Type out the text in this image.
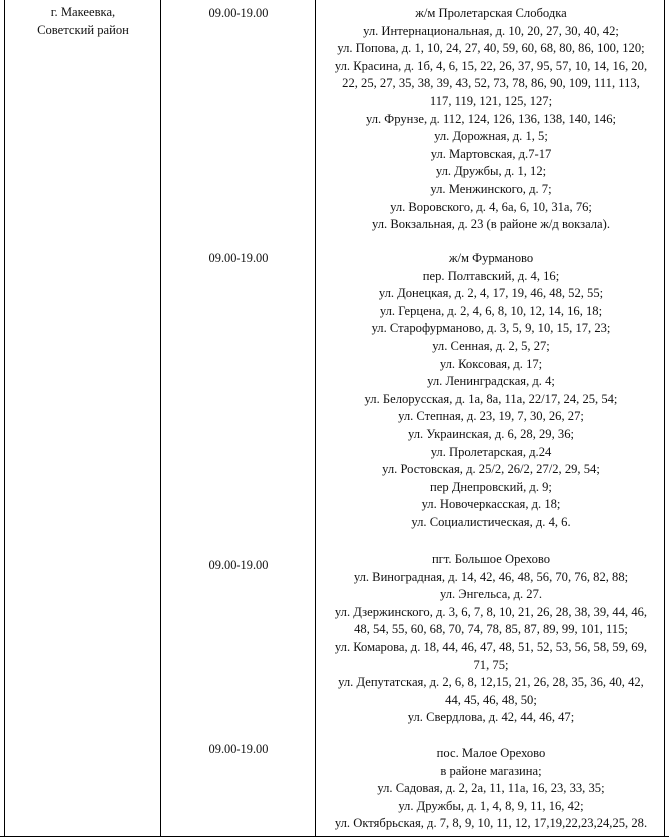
г. Макеевка,

Советский район

09.00-19.00	ж/м Пролетарская Слободка

ул. Интернациональная, д. 10, 20, 27, 30, 40, 42;

ул. Попова, д. 1, 10, 24, 27, 40, 59, 60, 68, 80, 86, 100, 120;

ул. Красина, д. 1б, 4, 6, 15, 22, 26, 37, 95, 57, 10, 14, 16, 20,

22, 25, 27, 35, 38, 39, 43, 52, 73, 78, 86, 90, 109, 111, 113,

117, 119, 121, 125, 127;

ул. Фрунзе, д. 112, 124, 126, 136, 138, 140, 146;

ул. Дорожная, д. 1, 5;

ул. Мартовская, д.7-17

ул. Дружбы, д. 1, 12;

ул. Менжинского, д. 7;

ул. Воровского, д. 4, 6а, 6, 10, 31а, 76;

ул. Вокзальная, д. 23 (в районе ж/д вокзала).

09.00-19.00	ж/м Фурманово

пер. Полтавский, д. 4, 16;

ул. Донецкая, д. 2, 4, 17, 19, 46, 48, 52, 55;

ул. Герцена, д. 2, 4, 6, 8, 10, 12, 14, 16, 18;

ул. Старофурманово, д. 3, 5, 9, 10, 15, 17, 23;

ул. Сенная, д. 2, 5, 27;

ул. Коксовая, д. 17;

ул. Ленинградская, д. 4;

ул. Белорусская, д. 1а, 8а, 11а, 22/17, 24, 25, 54;

ул. Степная, д. 23, 19, 7, 30, 26, 27;

ул. Украинская, д. 6, 28, 29, 36;

ул. Пролетарская, д.24

ул. Ростовская, д. 25/2, 26/2, 27/2, 29, 54;

пер Днепровский, д. 9;

ул. Новочеркасская, д. 18;

ул. Социалистическая, д. 4, 6.

09.00-19.00	пгт. Большое Орехово

ул. Виноградная, д. 14, 42, 46, 48, 56, 70, 76, 82, 88;

ул. Энгельса, д. 27.

ул. Дзержинского, д. 3, 6, 7, 8, 10, 21, 26, 28, 38, 39, 44, 46,

48, 54, 55, 60, 68, 70, 74, 78, 85, 87, 89, 99, 101, 115;

ул. Комарова, д. 18, 44, 46, 47, 48, 51, 52, 53, 56, 58, 59, 69,

71, 75;

ул. Депутатская, д. 2, 6, 8, 12,15, 21, 26, 28, 35, 36, 40, 42,

44, 45, 46, 48, 50;

ул. Свердлова, д. 42, 44, 46, 47;

09.00-19.00	пос. Малое Орехово

в районе магазина;

ул. Садовая, д. 2, 2а, 11, 11а, 16, 23, 33, 35;

ул. Дружбы, д. 1, 4, 8, 9, 11, 16, 42;

ул. Октябрьская, д. 7, 8, 9, 10, 11, 12, 17,19,22,23,24,25, 28.
